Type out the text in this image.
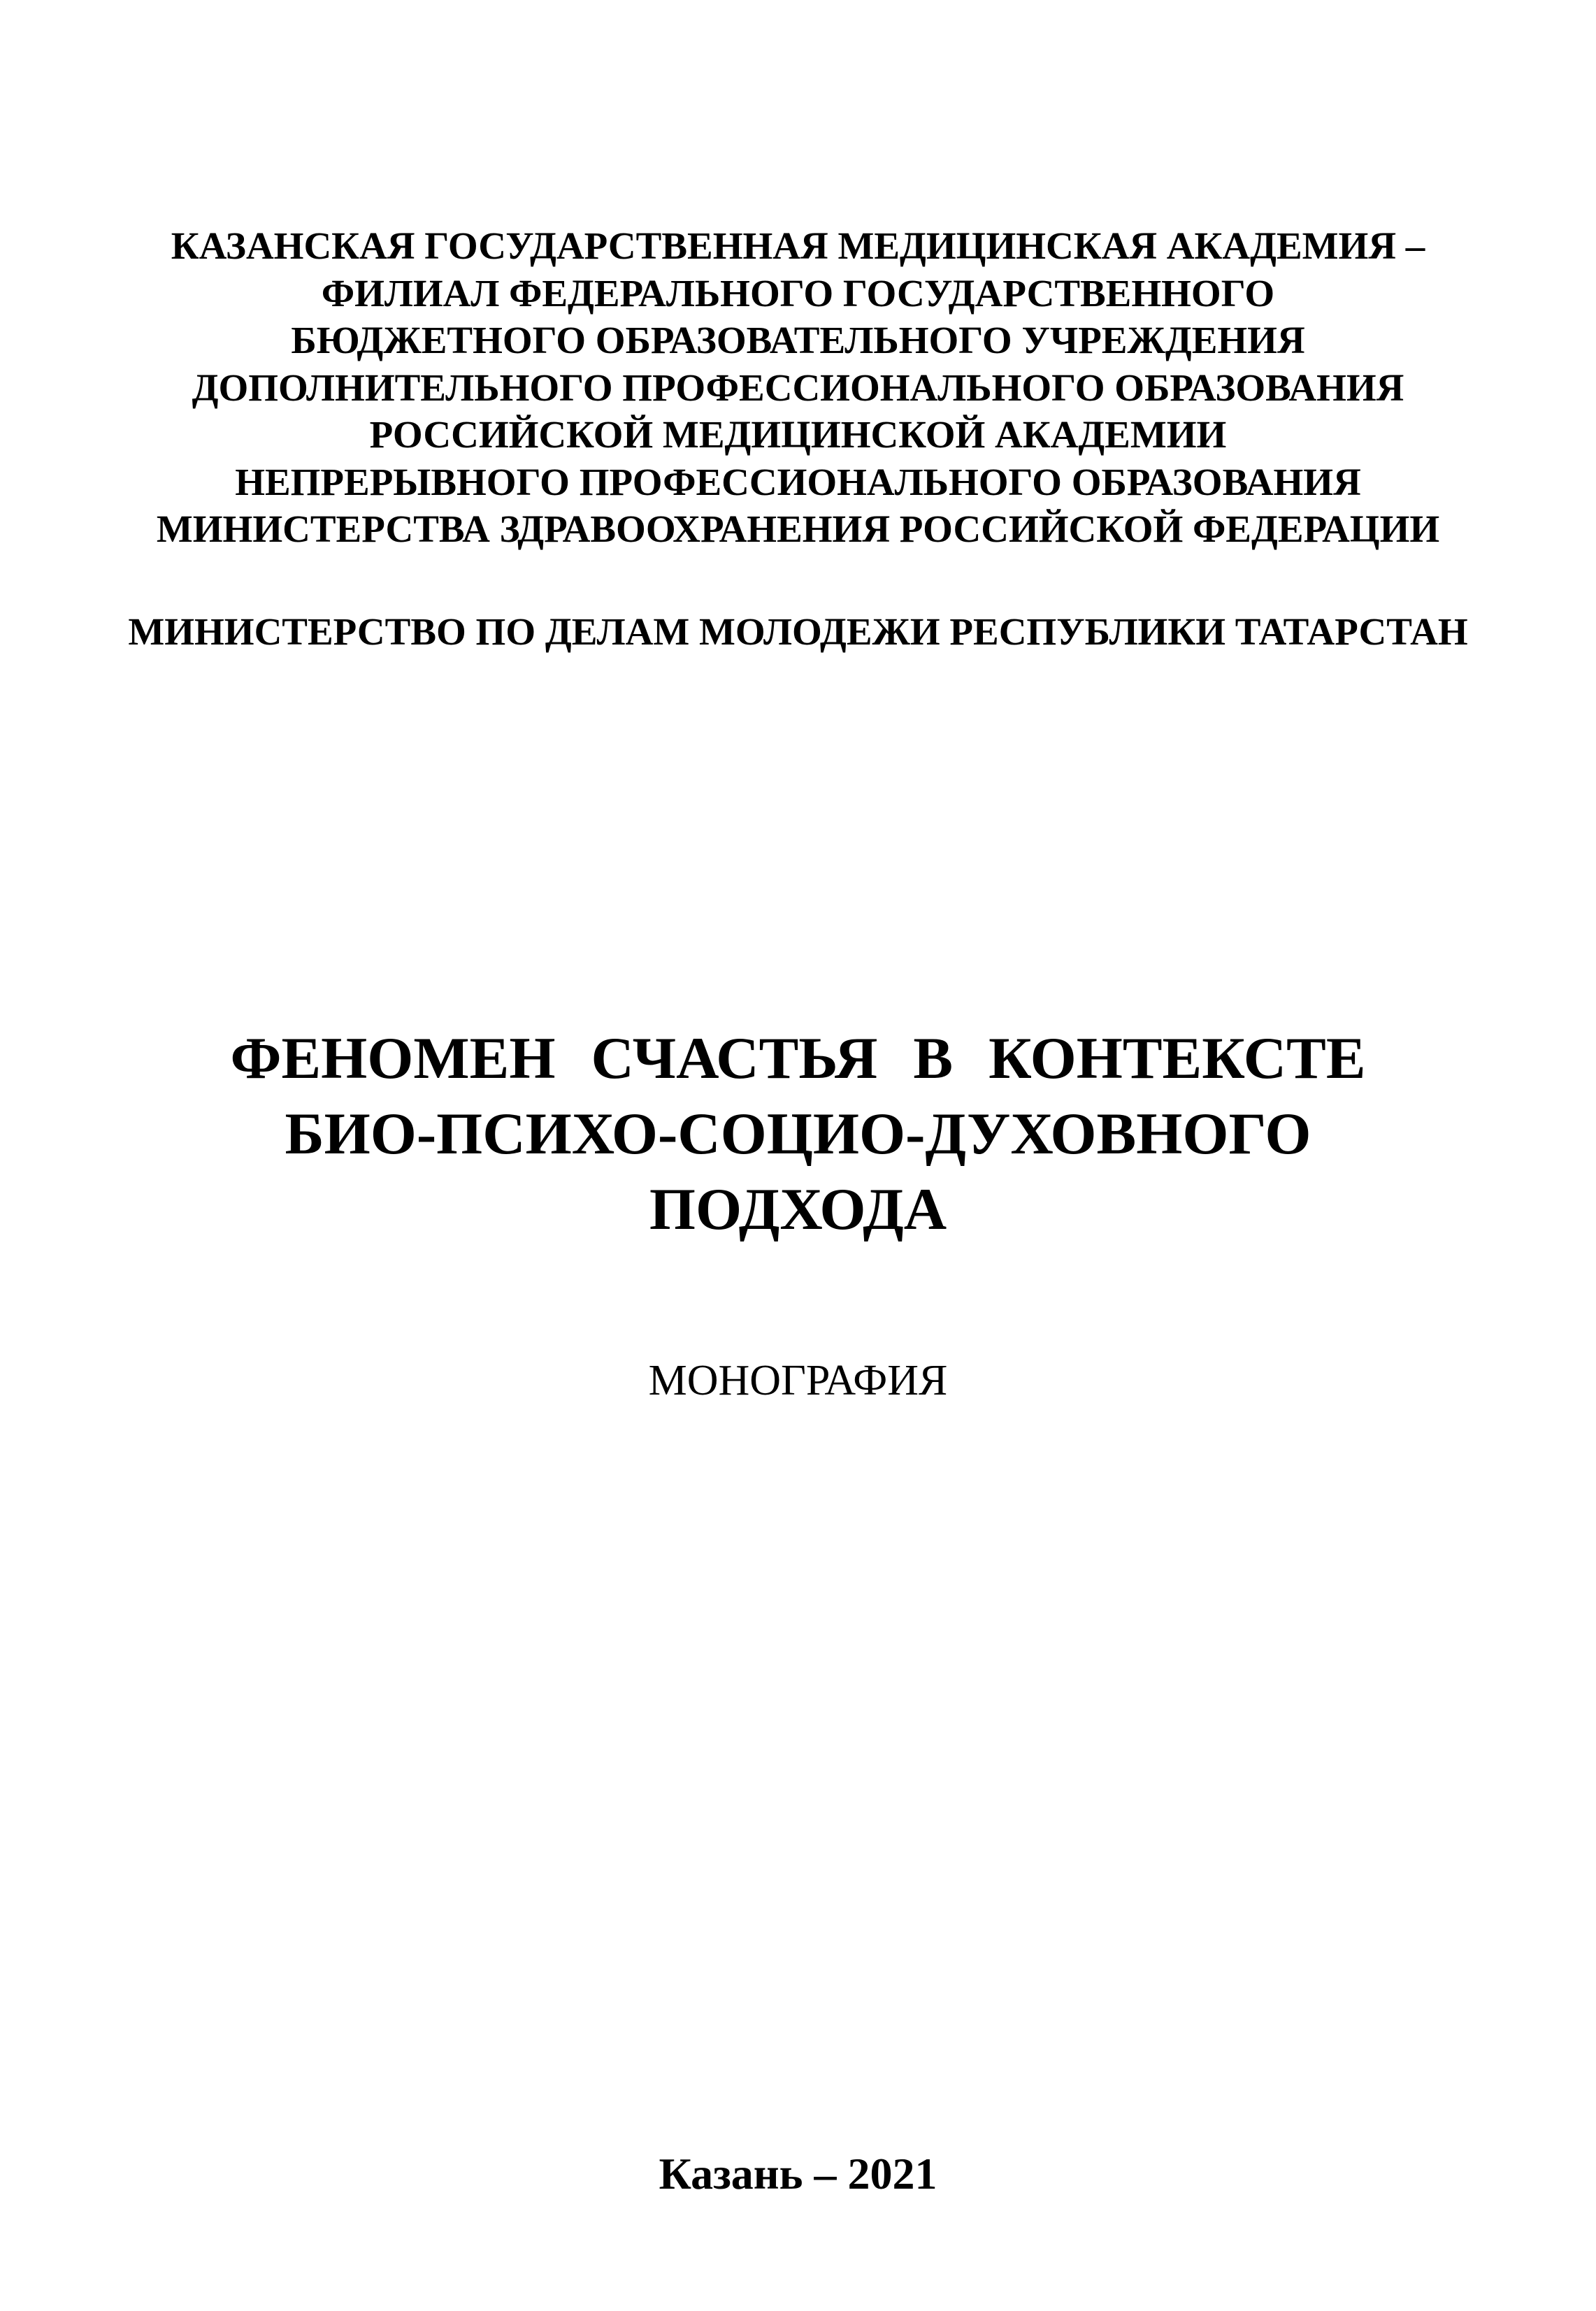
КАЗАНСКАЯ ГОСУДАРСТВЕННАЯ МЕДИЦИНСКАЯ АКАДЕМИЯ –
ФИЛИАЛ ФЕДЕРАЛЬНОГО ГОСУДАРСТВЕННОГО
БЮДЖЕТНОГО ОБРАЗОВАТЕЛЬНОГО УЧРЕЖДЕНИЯ
ДОПОЛНИТЕЛЬНОГО ПРОФЕССИОНАЛЬНОГО ОБРАЗОВАНИЯ
РОССИЙСКОЙ МЕДИЦИНСКОЙ АКАДЕМИИ
НЕПРЕРЫВНОГО ПРОФЕССИОНАЛЬНОГО ОБРАЗОВАНИЯ
МИНИСТЕРСТВА ЗДРАВООХРАНЕНИЯ РОССИЙСКОЙ ФЕДЕРАЦИИ
МИНИСТЕРСТВО ПО ДЕЛАМ МОЛОДЕЖИ РЕСПУБЛИКИ ТАТАРСТАН
ФЕНОМЕН СЧАСТЬЯ В КОНТЕКСТЕ
БИО-ПСИХО-СОЦИО-ДУХОВНОГО
ПОДХОДА
МОНОГРАФИЯ
Казань – 2021
